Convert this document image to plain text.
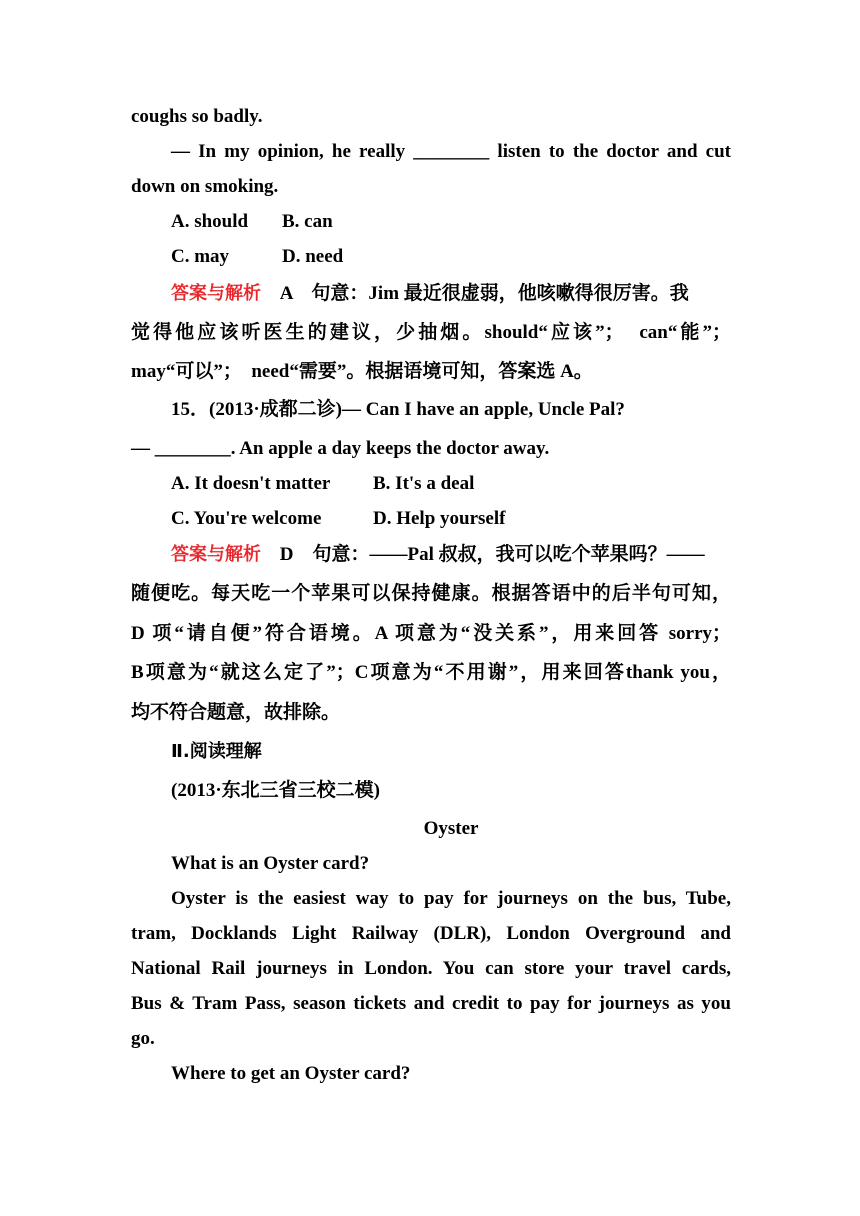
coughs so badly.
— In my opinion, he really ________ listen to the doctor and cut
down on smoking.
A. should B. can
C. may	D. need
答案与解析 A　句意：Jim 最近很虚弱，他咳嗽得很厉害。我
觉得他应该听医生的建议，少抽烟。should“应该”；　can“能”；
may“可以”；　need“需要”。根据语境可知，答案选 A。
15．(2013·成都二诊)— Can I have an apple, Uncle Pal?
— ________. An apple a day keeps the doctor away.
A. It doesn't matter B. It's a deal
C. You're welcome	D. Help yourself
答案与解析 D　句意：——Pal 叔叔，我可以吃个苹果吗？——
随便吃。每天吃一个苹果可以保持健康。根据答语中的后半句可知，
D 项“请自便”符合语境。A 项意为“没关系”，用来回答 sorry；
B项意为“就这么定了”；C项意为“不用谢”，用来回答thank you，
均不符合题意，故排除。
Ⅱ.阅读理解
(2013·东北三省三校二模)
Oyster
What is an Oyster card?
Oyster is the easiest way to pay for journeys on the bus, Tube,
tram, Docklands Light Railway (DLR), London Overground and
National Rail journeys in London. You can store your travel cards,
Bus & Tram Pass, season tickets and credit to pay for journeys as you
go.
Where to get an Oyster card?
